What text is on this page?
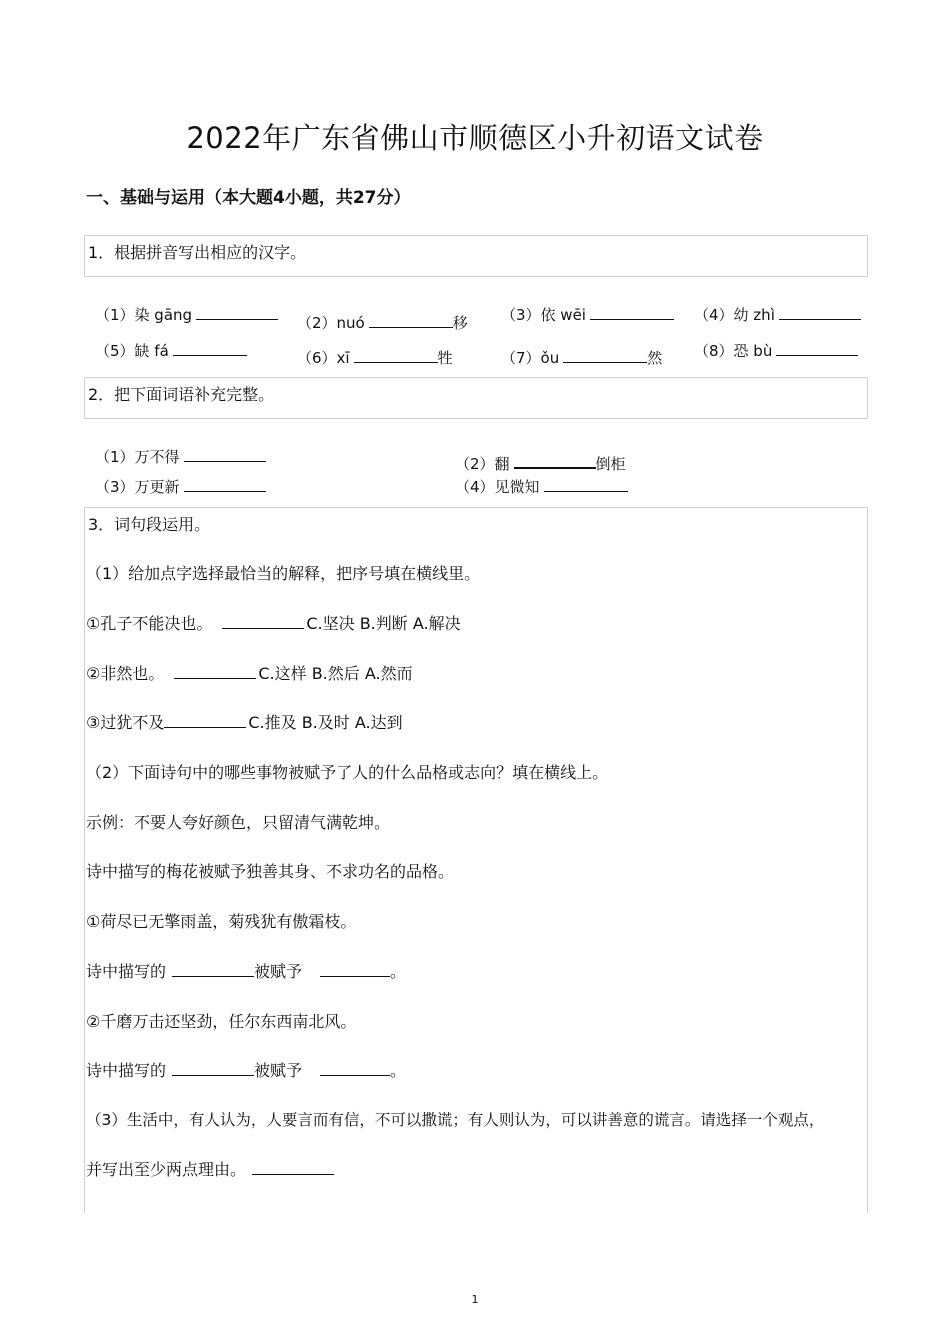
2022年广东省佛山市顺德区小升初语文试卷
一、基础与运用（本大题4小题，共27分）
1．根据拼音写出相应的汉字。
（1）染 gāng	（2）nuó	移 （3）依 wēi	（4）幼 zhì
（5）缺 fá	（6）xī	牲	（7）ǒu	然 （8）恐 bù
2．把下面词语补充完整。
（1）万不得	（2）翻	倒柜
（3）万更新	（4）见微知
3．词句段运用。
（1）给加点字选择最恰当的解释，把序号填在横线里。
①孔子不能决也。	C.坚决 B.判断 A.解决
②非然也。	C.这样 B.然后 A.然而
③过犹不及	C.推及 B.及时 A.达到
（2）下面诗句中的哪些事物被赋予了人的什么品格或志向？填在横线上。
示例：不要人夸好颜色，只留清气满乾坤。
诗中描写的梅花被赋予独善其身、不求功名的品格。
①荷尽已无擎雨盖，菊残犹有傲霜枝。
诗中描写的	被赋予	。
②千磨万击还坚劲，任尔东西南北风。
诗中描写的	被赋予	。
（3）生活中，有人认为，人要言而有信，不可以撒谎；有人则认为，可以讲善意的谎言。请选择一个观点，
并写出至少两点理由。
1
